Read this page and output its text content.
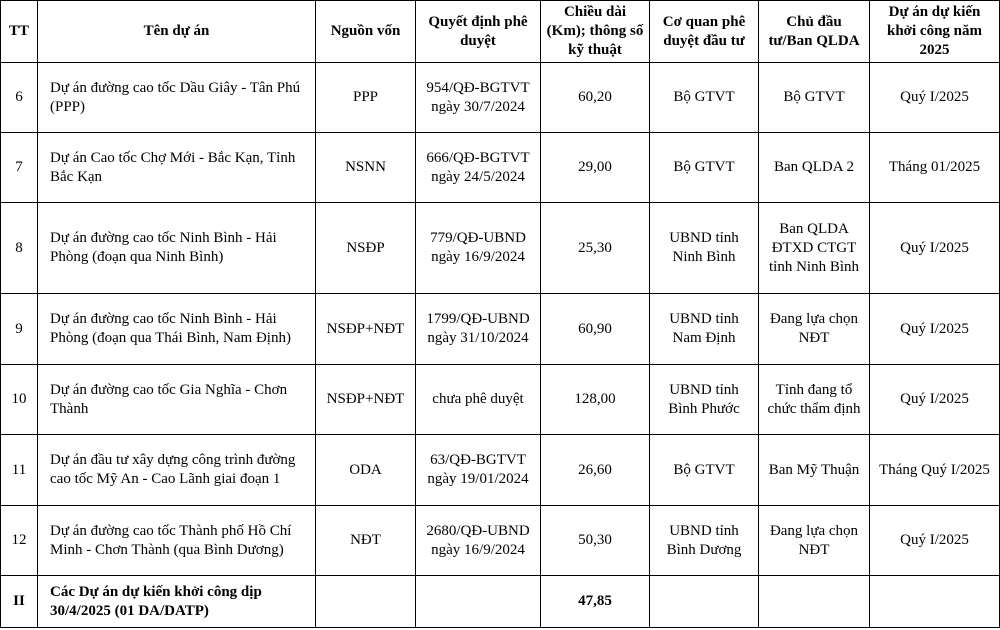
TT	Tên dự án	Nguồn vốn	Quyết định phê duyệt	Chiều dài (Km); thông số kỹ thuật	Cơ quan phê duyệt đầu tư	Chủ đầu tư/Ban QLDA	Dự án dự kiến khởi công năm 2025
6	Dự án đường cao tốc Dầu Giây - Tân Phú (PPP)	PPP	954/QĐ-BGTVT ngày 30/7/2024	60,20	Bộ GTVT	Bộ GTVT	Quý I/2025
7	Dự án Cao tốc Chợ Mới - Bắc Kạn, Tỉnh Bắc Kạn	NSNN	666/QĐ-BGTVT ngày 24/5/2024	29,00	Bộ GTVT	Ban QLDA 2	Tháng 01/2025
8	Dự án đường cao tốc Ninh Bình - Hải Phòng (đoạn qua Ninh Bình)	NSĐP	779/QĐ-UBND ngày 16/9/2024	25,30	UBND tỉnh Ninh Bình	Ban QLDA ĐTXD CTGT tỉnh Ninh Bình	Quý I/2025
9	Dự án đường cao tốc Ninh Bình - Hải Phòng (đoạn qua Thái Bình, Nam Định)	NSĐP+NĐT	1799/QĐ-UBND ngày 31/10/2024	60,90	UBND tỉnh Nam Định	Đang lựa chọn NĐT	Quý I/2025
10	Dự án đường cao tốc Gia Nghĩa - Chơn Thành	NSĐP+NĐT	chưa phê duyệt	128,00	UBND tỉnh Bình Phước	Tỉnh đang tổ chức thẩm định	Quý I/2025
11	Dự án đầu tư xây dựng công trình đường cao tốc Mỹ An - Cao Lãnh giai đoạn 1	ODA	63/QĐ-BGTVT ngày 19/01/2024	26,60	Bộ GTVT	Ban Mỹ Thuận	Tháng Quý I/2025
12	Dự án đường cao tốc Thành phố Hồ Chí Minh - Chơn Thành (qua Bình Dương)	NĐT	2680/QĐ-UBND ngày 16/9/2024	50,30	UBND tỉnh Bình Dương	Đang lựa chọn NĐT	Quý I/2025
II	Các Dự án dự kiến khởi công dịp 30/4/2025 (01 DA/DATP)			47,85			
